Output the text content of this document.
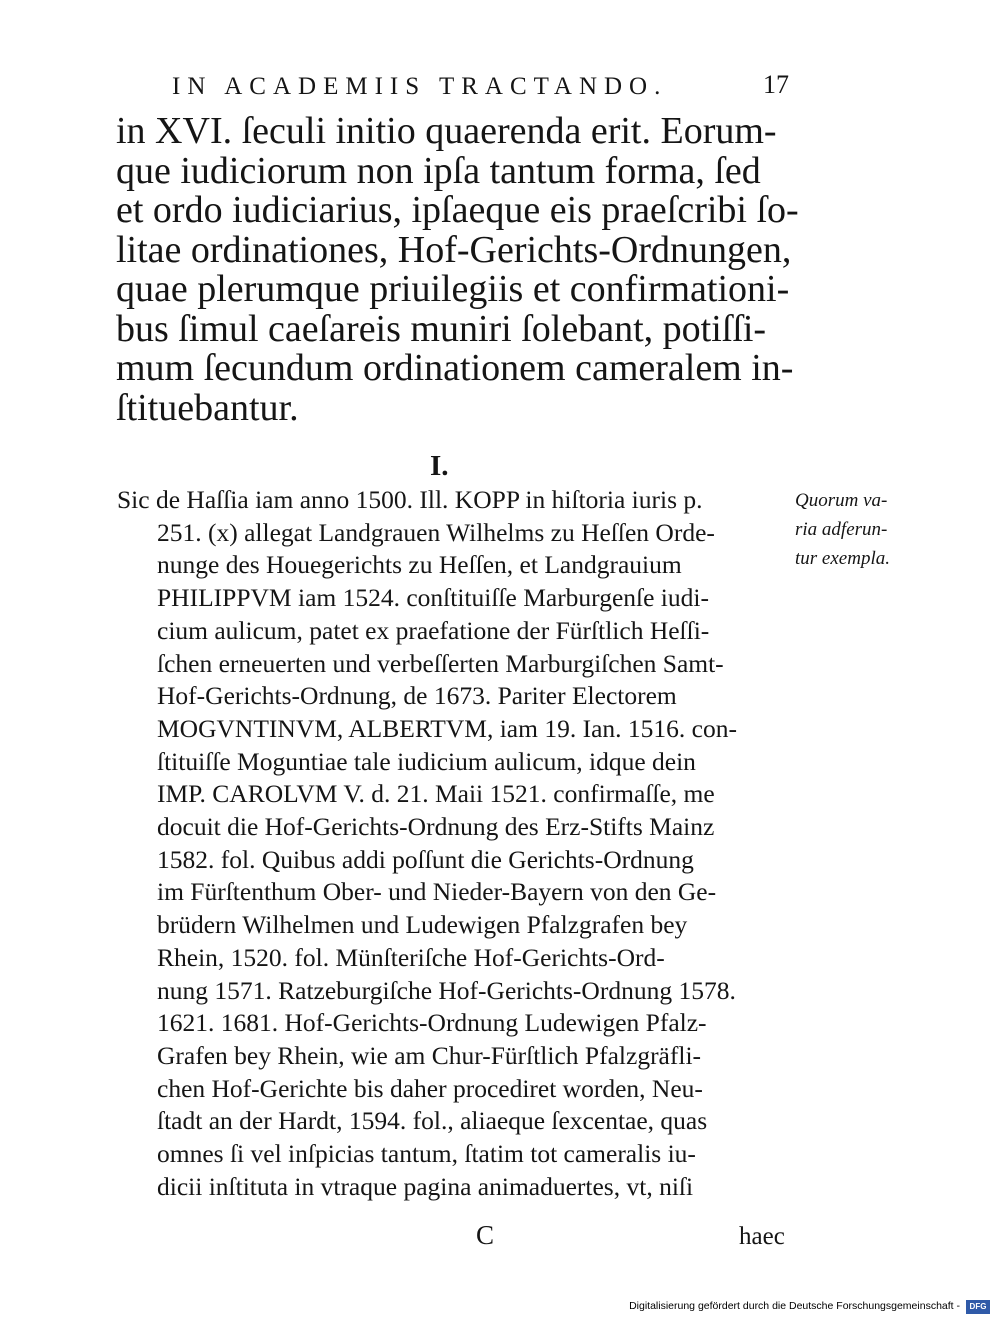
IN ACADEMIIS TRACTANDO.	17
in XVI. ſeculi initio quaerenda erit. Eorum-
que iudiciorum non ipſa tantum forma, ſed
et ordo iudiciarius, ipſaeque eis praeſcribi ſo-
litae ordinationes, Hof-Gerichts-Ordnungen,
quae plerumque priuilegiis et confirmationi-
bus ſimul caeſareis muniri ſolebant, potiſſi-
mum ſecundum ordinationem cameralem in-
ſtituebantur.
I.
Sic de Haſſia iam anno 1500. Ill. KOPP in hiſtoria iuris p.
251. (x) allegat Landgrauen Wilhelms zu Heſſen Orde-
nunge des Houegerichts zu Heſſen, et Landgrauium
PHILIPPVM iam 1524. conſtituiſſe Marburgenſe iudi-
cium aulicum, patet ex praefatione der Fürſtlich Heſſi-
ſchen erneuerten und verbeſſerten Marburgiſchen Samt-
Hof-Gerichts-Ordnung, de 1673. Pariter Electorem
MOGVNTINVM, ALBERTVM, iam 19. Ian. 1516. con-
ſtituiſſe Moguntiae tale iudicium aulicum, idque dein
IMP. CAROLVM V. d. 21. Maii 1521. confirmaſſe, me
docuit die Hof-Gerichts-Ordnung des Erz-Stifts Mainz
1582. fol. Quibus addi poſſunt die Gerichts-Ordnung
im Fürſtenthum Ober- und Nieder-Bayern von den Ge-
brüdern Wilhelmen und Ludewigen Pfalzgrafen bey
Rhein, 1520. fol. Münſteriſche Hof-Gerichts-Ord-
nung 1571. Ratzeburgiſche Hof-Gerichts-Ordnung 1578.
1621. 1681. Hof-Gerichts-Ordnung Ludewigen Pfalz-
Grafen bey Rhein, wie am Chur-Fürſtlich Pfalzgräfli-
chen Hof-Gerichte bis daher procediret worden, Neu-
ſtadt an der Hardt, 1594. fol., aliaeque ſexcentae, quas
omnes ſi vel inſpicias tantum, ſtatim tot cameralis iu-
dicii inſtituta in vtraque pagina animaduertes, vt, niſi
Quorum va-
ria adferun-
tur exempla.
C	haec
Digitalisierung gefördert durch die Deutsche Forschungsgemeinschaft -	DFG
